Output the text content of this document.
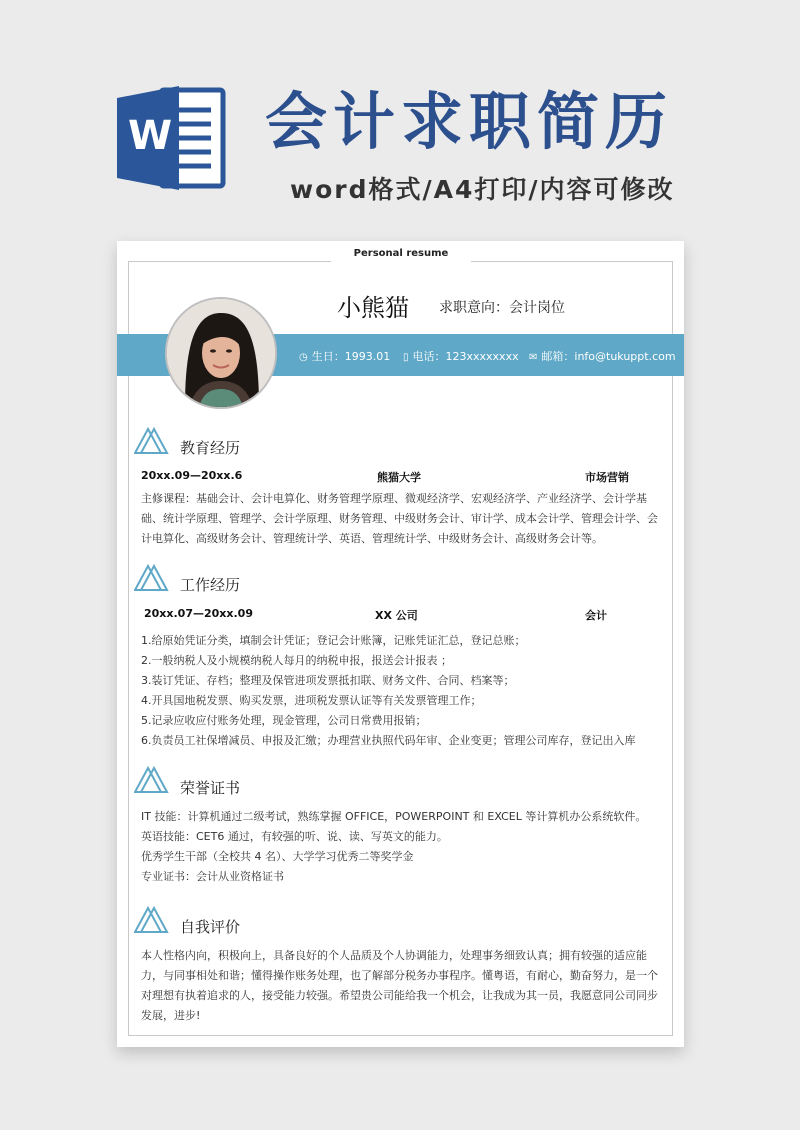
W 会计求职简历
word格式/A4打印/内容可修改
Personal resume
小熊猫 求职意向：会计岗位
◷ 生日：1993.01 ▯ 电话：123xxxxxxxx ✉ 邮箱：info@tukuppt.com
教育经历
20xx.09—20xx.6	熊猫大学	市场营销
主修课程：基础会计、会计电算化、财务管理学原理、微观经济学、宏观经济学、产业经济学、会计学基础、统计学原理、管理学、会计学原理、财务管理、中级财务会计、审计学、成本会计学、管理会计学、会计电算化、高级财务会计、管理统计学、英语、管理统计学、中级财务会计、高级财务会计等。
工作经历
20xx.07—20xx.09	XX 公司	会计
1.给原始凭证分类，填制会计凭证；登记会计账簿，记账凭证汇总，登记总账；
2.一般纳税人及小规模纳税人每月的纳税申报，报送会计报表 ；
3.装订凭证、存档；整理及保管进项发票抵扣联、财务文件、合同、档案等；
4.开具国地税发票、购买发票，进项税发票认证等有关发票管理工作；
5.记录应收应付账务处理，现金管理，公司日常费用报销；
6.负责员工社保增减员、申报及汇缴；办理营业执照代码年审、企业变更；管理公司库存，登记出入库
荣誉证书
IT 技能：计算机通过二级考试，熟练掌握 OFFICE，POWERPOINT 和 EXCEL 等计算机办公系统软件。
英语技能：CET6 通过，有较强的听、说、读、写英文的能力。
优秀学生干部（全校共 4 名）、大学学习优秀二等奖学金
专业证书：会计从业资格证书
自我评价
本人性格内向，积极向上，具备良好的个人品质及个人协调能力，处理事务细致认真；拥有较强的适应能力，与同事相处和谐；懂得操作账务处理，也了解部分税务办事程序。懂粤语，有耐心，勤奋努力，是一个对理想有执着追求的人，接受能力较强。希望贵公司能给我一个机会，让我成为其一员，我愿意同公司同步发展，进步!
